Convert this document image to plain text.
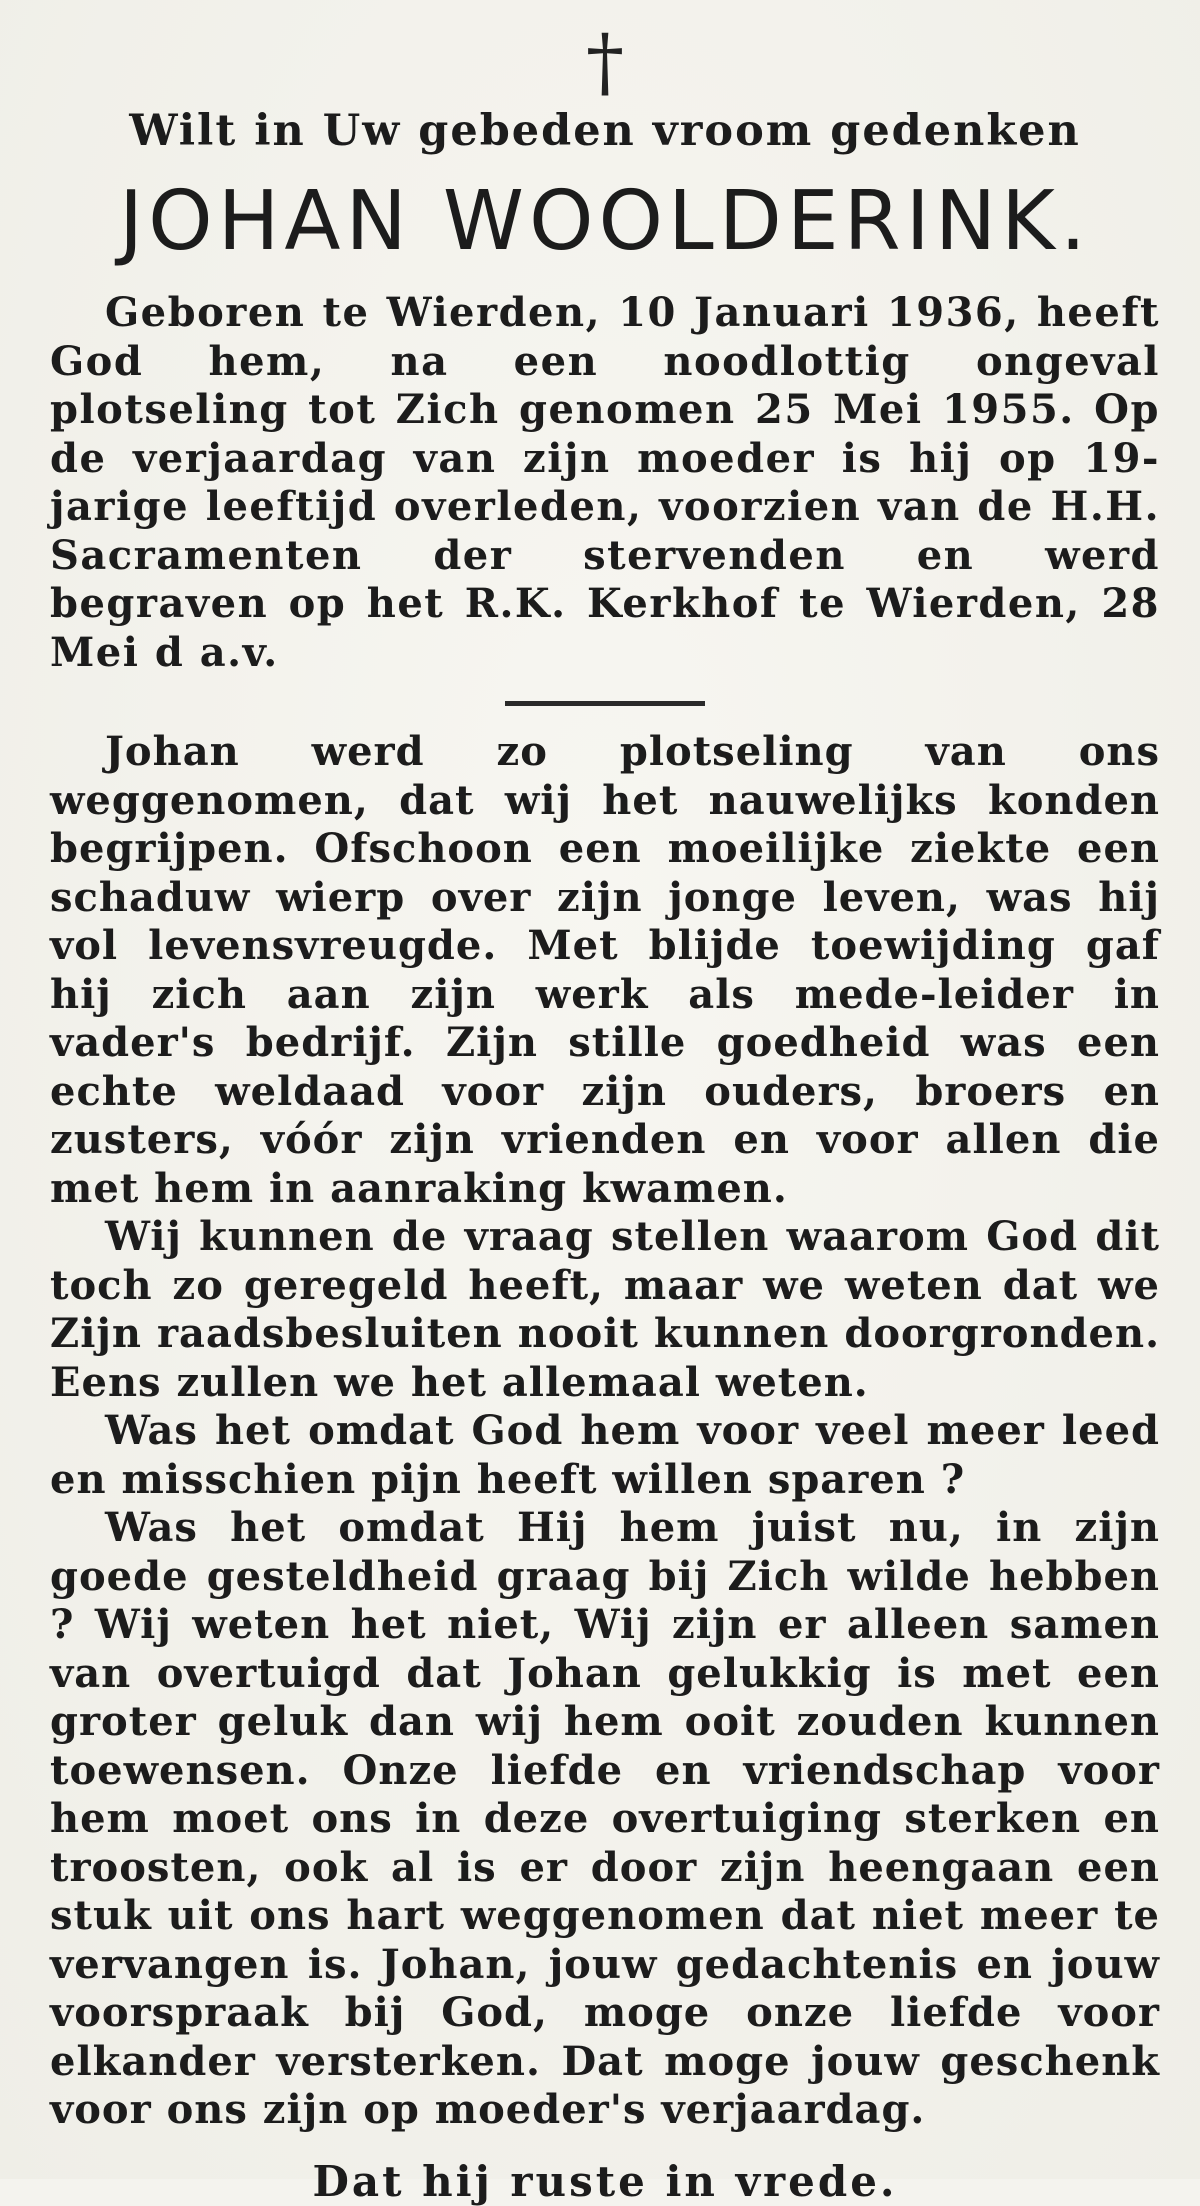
†
Wilt in Uw gebeden vroom gedenken
JOHAN WOOLDERINK.

Geboren te Wierden, 10 Januari 1936, heeft God hem, na een noodlottig ongeval plotseling tot Zich genomen 25 Mei 1955. Op de verjaardag van zijn moeder is hij op 19-jarige leeftijd overleden, voorzien van de H.H. Sacramenten der stervenden en werd begraven op het R.K. Kerkhof te Wierden, 28 Mei d a.v.

Johan werd zo plotseling van ons weggenomen, dat wij het nauwelijks konden begrijpen. Ofschoon een moeilijke ziekte een schaduw wierp over zijn jonge leven, was hij vol levensvreugde. Met blijde toewijding gaf hij zich aan zijn werk als mede-leider in vader's bedrijf. Zijn stille goedheid was een echte weldaad voor zijn ouders, broers en zusters, vóór zijn vrienden en voor allen die met hem in aanraking kwamen.

Wij kunnen de vraag stellen waarom God dit toch zo geregeld heeft, maar we weten dat we Zijn raadsbesluiten nooit kunnen doorgronden. Eens zullen we het allemaal weten.

Was het omdat God hem voor veel meer leed en misschien pijn heeft willen sparen ?

Was het omdat Hij hem juist nu, in zijn goede gesteldheid graag bij Zich wilde hebben ? Wij weten het niet, Wij zijn er alleen samen van overtuigd dat Johan gelukkig is met een groter geluk dan wij hem ooit zouden kunnen toewensen. Onze liefde en vriendschap voor hem moet ons in deze overtuiging sterken en troosten, ook al is er door zijn heengaan een stuk uit ons hart weggenomen dat niet meer te vervangen is. Johan, jouw gedachtenis en jouw voorspraak bij God, moge onze liefde voor elkander versterken. Dat moge jouw geschenk voor ons zijn op moeder's verjaardag.

Dat hij ruste in vrede.
